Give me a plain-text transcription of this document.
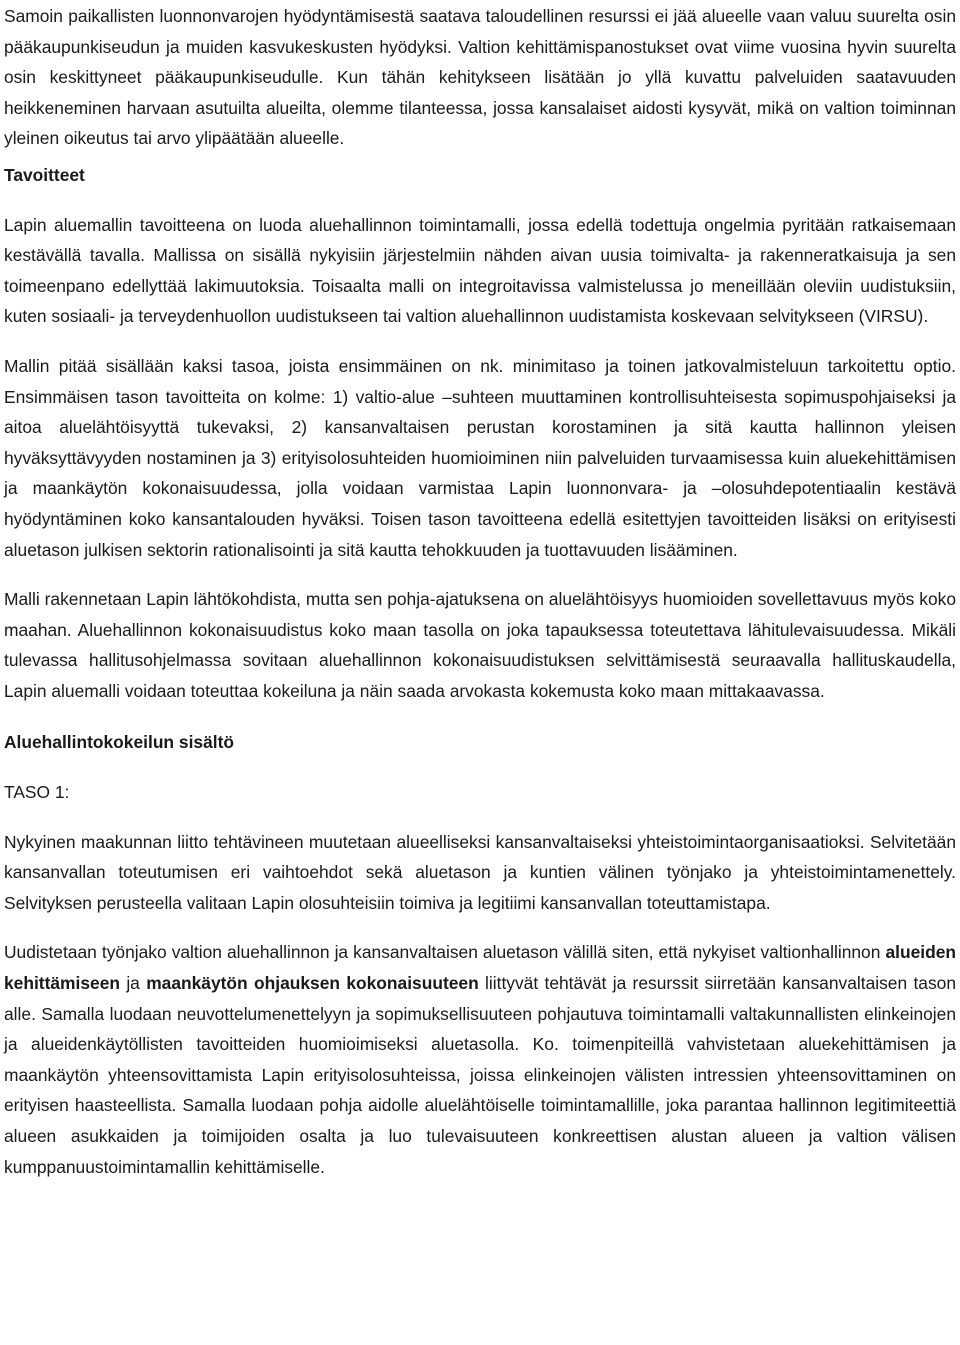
Samoin paikallisten luonnonvarojen hyödyntämisestä saatava taloudellinen resurssi ei jää alueelle vaan valuu suurelta osin pääkaupunkiseudun ja muiden kasvukeskusten hyödyksi. Valtion kehittämispanostukset ovat viime vuosina hyvin suurelta osin keskittyneet pääkaupunkiseudulle. Kun tähän kehitykseen lisätään jo yllä kuvattu palveluiden saatavuuden heikkeneminen harvaan asutuilta alueilta, olemme tilanteessa, jossa kansalaiset aidosti kysyvät, mikä on valtion toiminnan yleinen oikeutus tai arvo ylipäätään alueelle.

Tavoitteet

Lapin aluemallin tavoitteena on luoda aluehallinnon toimintamalli, jossa edellä todettuja ongelmia pyritään ratkaisemaan kestävällä tavalla. Mallissa on sisällä nykyisiin järjestelmiin nähden aivan uusia toimivalta- ja rakenneratkaisuja ja sen toimeenpano edellyttää lakimuutoksia. Toisaalta malli on integroitavissa valmistelussa jo meneillään oleviin uudistuksiin, kuten sosiaali- ja terveydenhuollon uudistukseen tai valtion aluehallinnon uudistamista koskevaan selvitykseen (VIRSU).

Mallin pitää sisällään kaksi tasoa, joista ensimmäinen on nk. minimitaso ja toinen jatkovalmisteluun tarkoitettu optio. Ensimmäisen tason tavoitteita on kolme: 1) valtio-alue –suhteen muuttaminen kontrollisuhteisesta sopimuspohjaiseksi ja aitoa aluelähtöisyyttä tukevaksi, 2) kansanvaltaisen perustan korostaminen ja sitä kautta hallinnon yleisen hyväksyttävyyden nostaminen ja 3) erityisolosuhteiden huomioiminen niin palveluiden turvaamisessa kuin aluekehittämisen ja maankäytön kokonaisuudessa, jolla voidaan varmistaa Lapin luonnonvara- ja –olosuhdepotentiaalin kestävä hyödyntäminen koko kansantalouden hyväksi. Toisen tason tavoitteena edellä esitettyjen tavoitteiden lisäksi on erityisesti aluetason julkisen sektorin rationalisointi ja sitä kautta tehokkuuden ja tuottavuuden lisääminen.

Malli rakennetaan Lapin lähtökohdista, mutta sen pohja-ajatuksena on aluelähtöisyys huomioiden sovellettavuus myös koko maahan. Aluehallinnon kokonaisuudistus koko maan tasolla on joka tapauksessa toteutettava lähitulevaisuudessa. Mikäli tulevassa hallitusohjelmassa sovitaan aluehallinnon kokonaisuudistuksen selvittämisestä seuraavalla hallituskaudella, Lapin aluemalli voidaan toteuttaa kokeiluna ja näin saada arvokasta kokemusta koko maan mittakaavassa.

Aluehallintokokeilun sisältö

TASO 1:

Nykyinen maakunnan liitto tehtävineen muutetaan alueelliseksi kansanvaltaiseksi yhteistoimintaorganisaatioksi. Selvitetään kansanvallan toteutumisen eri vaihtoehdot sekä aluetason ja kuntien välinen työnjako ja yhteistoimintamenettely. Selvityksen perusteella valitaan Lapin olosuhteisiin toimiva ja legitiimi kansanvallan toteuttamistapa.

Uudistetaan työnjako valtion aluehallinnon ja kansanvaltaisen aluetason välillä siten, että nykyiset valtionhallinnon alueiden kehittämiseen ja maankäytön ohjauksen kokonaisuuteen liittyvät tehtävät ja resurssit siirretään kansanvaltaisen tason alle. Samalla luodaan neuvottelumenettelyyn ja sopimuksellisuuteen pohjautuva toimintamalli valtakunnallisten elinkeinojen ja alueidenkäytöllisten tavoitteiden huomioimiseksi aluetasolla. Ko. toimenpiteillä vahvistetaan aluekehittämisen ja maankäytön yhteensovittamista Lapin erityisolosuhteissa, joissa elinkeinojen välisten intressien yhteensovittaminen on erityisen haasteellista. Samalla luodaan pohja aidolle aluelähtöiselle toimintamallille, joka parantaa hallinnon legitimiteettiä alueen asukkaiden ja toimijoiden osalta ja luo tulevaisuuteen konkreettisen alustan alueen ja valtion välisen kumppanuustoimintamallin kehittämiselle.
